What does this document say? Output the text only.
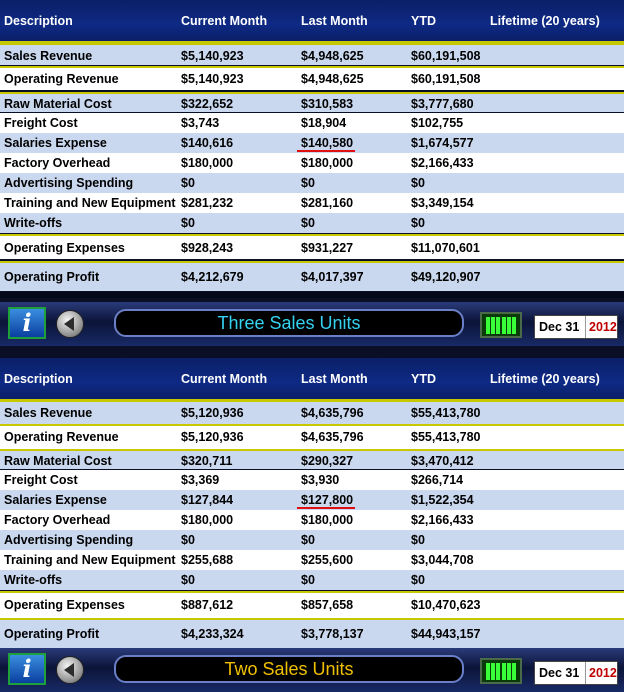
Description	Current Month	Last Month	YTD	Lifetime (20 years)
Sales Revenue	$5,140,923	$4,948,625	$60,191,508
Operating Revenue	$5,140,923	$4,948,625	$60,191,508
Raw Material Cost	$322,652	$310,583	$3,777,680
Freight Cost	$3,743	$18,904	$102,755
Salaries Expense	$140,616	$140,580	$1,674,577
Factory Overhead	$180,000	$180,000	$2,166,433
Advertising Spending	$0	$0	$0
Training and New Equipment $281,232	$281,160	$3,349,154
Write-offs	$0	$0	$0
Operating Expenses	$928,243	$931,227	$11,070,601
Operating Profit	$4,212,679	$4,017,397	$49,120,907
i	Three Sales Units	Dec 31 2012
Description	Current Month	Last Month	YTD	Lifetime (20 years)
Sales Revenue	$5,120,936	$4,635,796	$55,413,780
Operating Revenue	$5,120,936	$4,635,796	$55,413,780
Raw Material Cost	$320,711	$290,327	$3,470,412
Freight Cost	$3,369	$3,930	$266,714
Salaries Expense	$127,844	$127,800	$1,522,354
Factory Overhead	$180,000	$180,000	$2,166,433
Advertising Spending	$0	$0	$0
Training and New Equipment $255,688	$255,600	$3,044,708
Write-offs	$0	$0	$0
Operating Expenses	$887,612	$857,658	$10,470,623
Operating Profit	$4,233,324	$3,778,137	$44,943,157
i	Two Sales Units	Dec 31 2012
